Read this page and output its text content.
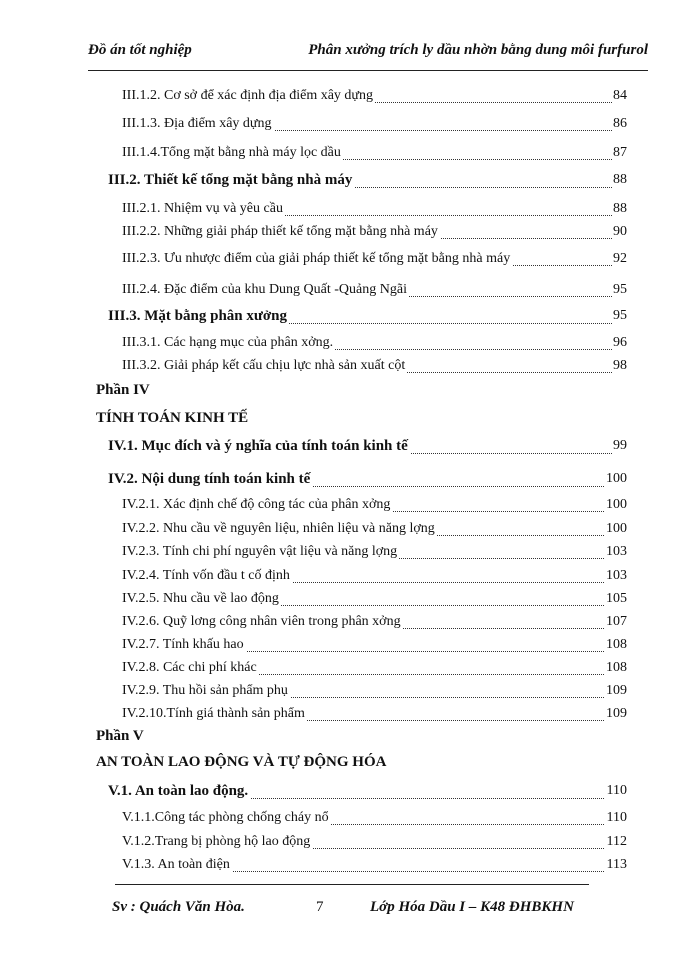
Đồ án tốt nghiệp	Phân xưởng trích ly dầu nhờn bằng dung môi furfurol
III.1.2. Cơ sở để xác định địa điểm xây dựng	84
III.1.3. Địa điểm xây dựng	86
III.1.4.Tổng mặt bằng nhà máy lọc dầu	87
III.2. Thiết kế tổng mặt bằng nhà máy	88
III.2.1. Nhiệm vụ và yêu cầu	88
III.2.2. Những giải pháp thiết kế tổng mặt bằng nhà máy	90
III.2.3. Ưu nhược điểm của giải pháp thiết kế tổng mặt bằng nhà máy	92
III.2.4. Đặc điểm của khu Dung Quất -Quảng Ngãi	95
III.3. Mặt bằng phân xưởng	95
III.3.1. Các hạng mục của phân xởng.	96
III.3.2. Giải pháp kết cấu chịu lực nhà sản xuất cột	98
Phần IV
TÍNH TOÁN KINH TẾ
IV.1. Mục đích và ý nghĩa của tính toán kinh tế	99
IV.2. Nội dung tính toán kinh tế	100
IV.2.1. Xác định chế độ công tác của phân xởng	100
IV.2.2. Nhu cầu về nguyên liệu, nhiên liệu và năng lợng	100
IV.2.3. Tính chi phí nguyên vật liệu và năng lợng	103
IV.2.4. Tính vốn đầu t cố định	103
IV.2.5. Nhu cầu về lao động	105
IV.2.6. Quỹ lơng công nhân viên trong phân xởng	107
IV.2.7. Tính khấu hao	108
IV.2.8. Các chi phí khác	108
IV.2.9. Thu hồi sản phẩm phụ	109
IV.2.10.Tính giá thành sản phẩm	109
Phần V
AN TOÀN LAO ĐỘNG VÀ TỰ ĐỘNG HÓA
V.1. An toàn lao động.	110
V.1.1.Công tác phòng chống cháy nổ	110
V.1.2.Trang bị phòng hộ lao động	112
V.1.3. An toàn điện	113
Sv : Quách Văn Hòa.	7	Lớp Hóa Dầu I – K48 ĐHBKHN
